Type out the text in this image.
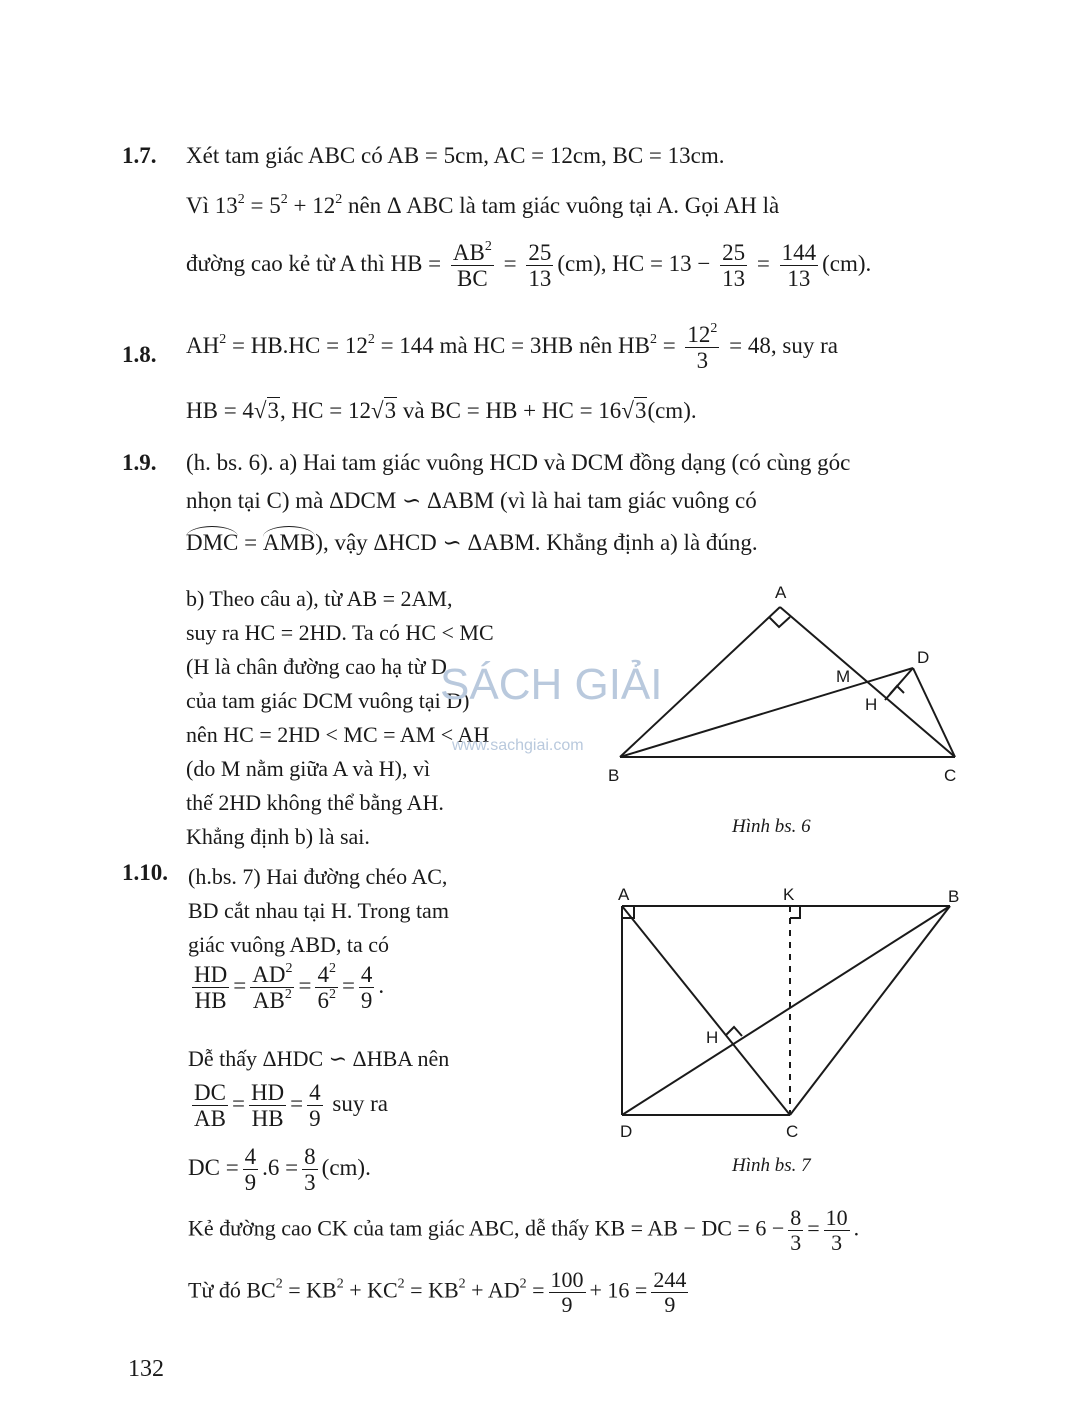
1.7. Xét tam giác ABC có AB = 5cm, AC = 12cm, BC = 13cm.
Vì $13^2 = 5^2 + 12^2$ nên Δ ABC là tam giác vuông tại A. Gọi AH là
đường cao kẻ từ A thì HB = $\frac{AB^2}{BC} = \frac{25}{13} (cm)$, HC = $13 - \frac{25}{13} = \frac{144}{13} (cm)$.
1.8. $AH^2 = HB.HC = 12^2 = 144$ mà HC = 3HB nên $HB^2 = \frac{12^2}{3} = 48$, suy ra
HB = 4√3, HC = 12√3 và BC = HB + HC = 16√3(cm).
1.9. (h. bs. 6). a) Hai tam giác vuông HCD và DCM đồng dạng (có cùng góc
nhọn tại C) mà ΔDCM ∽ ΔABM (vì là hai tam giác vuông có
DMC = AMB), vậy ΔHCD ∽ ΔABM. Khẳng định a) là đúng.
b) Theo câu a), từ AB = 2AM,
suy ra HC = 2HD. Ta có HC < MC
(H là chân đường cao hạ từ D
của tam giác DCM vuông tại D)
nên HC = 2HD < MC = AM < AH
(do M nằm giữa A và H), vì
thế 2HD không thể bằng AH.
Khẳng định b) là sai.
SÁCH GIẢI
www.sachgiai.com
A
B	C
D
M
H
Hình bs. 6
1.10. (h.bs. 7) Hai đường chéo AC,
BD cắt nhau tại H. Trong tam
giác vuông ABD, ta có
$\frac{HD}{HB} = \frac{AD^2}{AB^2} = \frac{4^2}{6^2} = \frac{4}{9}$ .
Dễ thấy ΔHDC ∽ ΔHBA nên
$\frac{DC}{AB} = \frac{HD}{HB} = \frac{4}{9}$ suy ra
DC = $\frac{4}{9} .6 = \frac{8}{3} (cm)$.
A	K	B
H
D	C
Hình bs. 7
Kẻ đường cao CK của tam giác ABC, dễ thấy KB = AB − DC = $6 - \frac{8}{3} = \frac{10}{3}$ .
Từ đó $BC^2 = KB^2 + KC^2 = KB^2 + AD^2 = \frac{100}{9} + 16 = \frac{244}{9}$
132
